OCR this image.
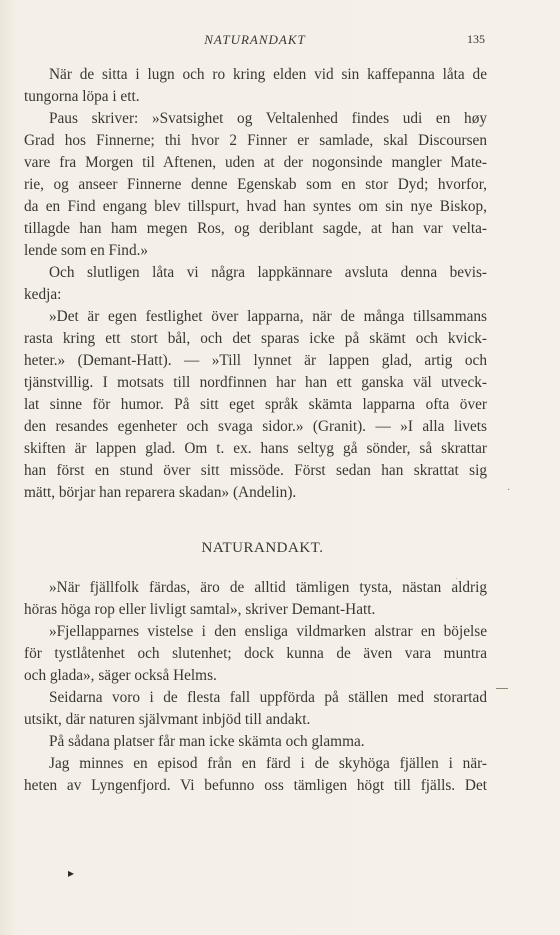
NATURANDAKT	135
När de sitta i lugn och ro kring elden vid sin kaffepanna låta de
tungorna löpa i ett.
Paus skriver: »Svatsighet og Veltalenhed findes udi en høy
Grad hos Finnerne; thi hvor 2 Finner er samlade, skal Discoursen
vare fra Morgen til Aftenen, uden at der nogonsinde mangler Mate-
rie, og anseer Finnerne denne Egenskab som en stor Dyd; hvorfor,
da en Find engang blev tillspurt, hvad han syntes om sin nye Biskop,
tillagde han ham megen Ros, og deriblant sagde, at han var velta-
lende som en Find.»
Och slutligen låta vi några lappkännare avsluta denna bevis-
kedja:
»Det är egen festlighet över lapparna, när de många tillsammans
rasta kring ett stort bål, och det sparas icke på skämt och kvick-
heter.» (Demant-Hatt). — »Till lynnet är lappen glad, artig och
tjänstvillig. I motsats till nordfinnen har han ett ganska väl utveck-
lat sinne för humor. På sitt eget språk skämta lapparna ofta över
den resandes egenheter och svaga sidor.» (Granit). — »I alla livets
skiften är lappen glad. Om t. ex. hans seltyg gå sönder, så skrattar
han först en stund över sitt missöde. Först sedan han skrattat sig
mätt, börjar han reparera skadan» (Andelin).
NATURANDAKT.
»När fjällfolk färdas, äro de alltid tämligen tysta, nästan aldrig
höras höga rop eller livligt samtal», skriver Demant-Hatt.
»Fjellapparnes vistelse i den ensliga vildmarken alstrar en böjelse
för tystlåtenhet och slutenhet; dock kunna de även vara muntra
och glada», säger också Helms.
Seidarna voro i de flesta fall uppförda på ställen med storartad
utsikt, där naturen självmant inbjöd till andakt.
På sådana platser får man icke skämta och glamma.
Jag minnes en episod från en färd i de skyhöga fjällen i när-
heten av Lyngenfjord. Vi befunno oss tämligen högt till fjälls. Det
·
.
▸
